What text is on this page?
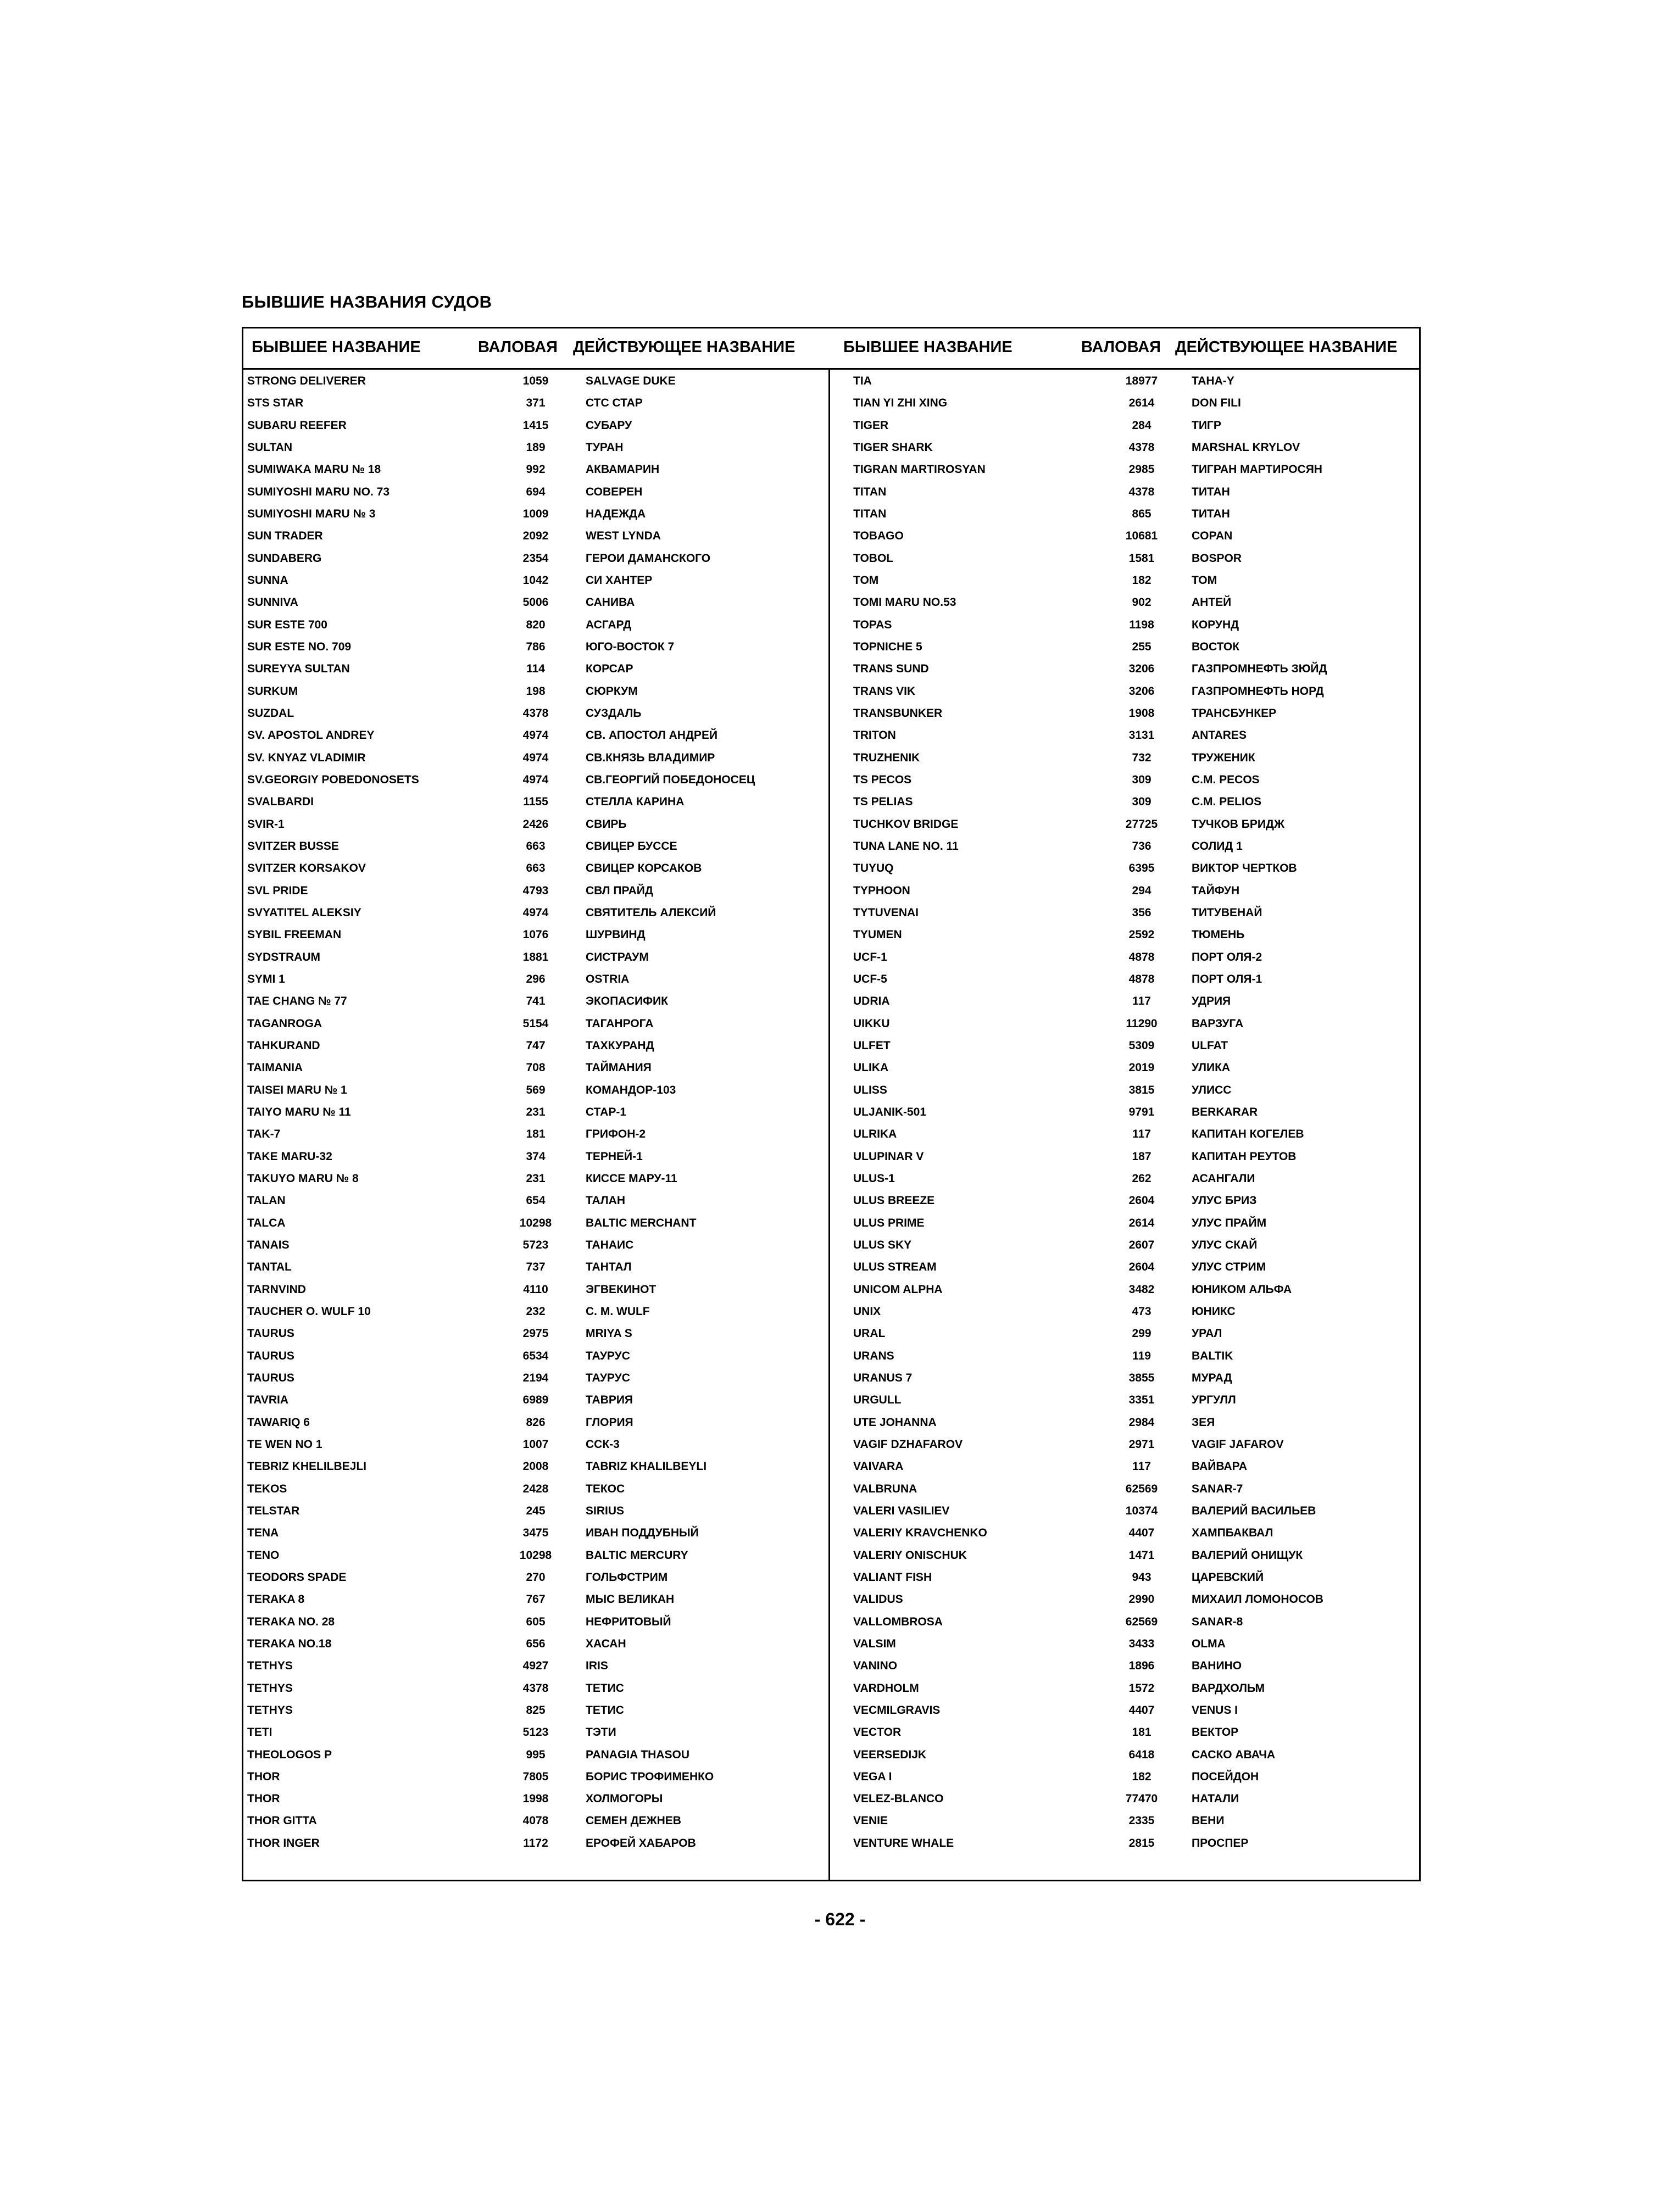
БЫВШИЕ НАЗВАНИЯ СУДОВ
БЫВШЕЕ НАЗВАНИЕ	ВАЛОВАЯ ДЕЙСТВУЮЩЕЕ НАЗВАНИЕ	БЫВШЕЕ НАЗВАНИЕ	ВАЛОВАЯ ДЕЙСТВУЮЩЕЕ НАЗВАНИЕ
STRONG DELIVERER	1059	SALVAGE DUKE
STS STAR	371	СТС СТАР
SUBARU REEFER	1415	СУБАРУ
SULTAN	189	ТУРАН
SUMIWAKA MARU № 18	992	АКВАМАРИН
SUMIYOSHI MARU NO. 73	694	СОВЕРЕН
SUMIYOSHI MARU № 3	1009	НАДЕЖДА
SUN TRADER	2092	WEST LYNDA
SUNDABERG	2354	ГЕРОИ ДАМАНСКОГО
SUNNA	1042	СИ ХАНТЕР
SUNNIVA	5006	САНИВА
SUR ESTE 700	820	АСГАРД
SUR ESTE NO. 709	786	ЮГО-ВОСТОК 7
SUREYYA SULTAN	114	КОРСАР
SURKUM	198	СЮРКУМ
SUZDAL	4378	СУЗДАЛЬ
SV. APOSTOL ANDREY	4974	СВ. АПОСТОЛ АНДРЕЙ
SV. KNYAZ VLADIMIR	4974	СВ.КНЯЗЬ ВЛАДИМИР
SV.GEORGIY POBEDONOSETS	4974	СВ.ГЕОРГИЙ ПОБЕДОНОСЕЦ
SVALBARDI	1155	СТЕЛЛА КАРИНА
SVIR-1	2426	СВИРЬ
SVITZER BUSSE	663	СВИЦЕР БУССЕ
SVITZER KORSAKOV	663	СВИЦЕР КОРСАКОВ
SVL PRIDE	4793	СВЛ ПРАЙД
SVYATITEL ALEKSIY	4974	СВЯТИТЕЛЬ АЛЕКСИЙ
SYBIL FREEMAN	1076	ШУРВИНД
SYDSTRAUM	1881	СИСТРАУМ
SYMI 1	296	OSTRIA
TAE CHANG № 77	741	ЭКОПАСИФИК
TAGANROGA	5154	ТАГАНРОГА
TAHKURAND	747	ТАХКУРАНД
TAIMANIA	708	ТАЙМАНИЯ
TAISEI MARU № 1	569	КОМАНДОР-103
TAIYO MARU № 11	231	СТАР-1
TAK-7	181	ГРИФОН-2
TAKE MARU-32	374	ТЕРНЕЙ-1
TAKUYO MARU № 8	231	КИССЕ МАРУ-11
TALAN	654	ТАЛАН
TALCA	10298	BALTIC MERCHANT
TANAIS	5723	ТАНАИС
TANTAL	737	ТАНТАЛ
TARNVIND	4110	ЭГВЕКИНОТ
TAUCHER O. WULF 10	232	С. M. WULF
TAURUS	2975	MRIYA S
TAURUS	6534	ТАУРУС
TAURUS	2194	ТАУРУС
TAVRIA	6989	ТАВРИЯ
TAWARIQ 6	826	ГЛОРИЯ
TE WEN NO 1	1007	ССК-3
TEBRIZ KHELILBEJLI	2008	TABRIZ KHALILBEYLI
TEKOS	2428	ТЕКОС
TELSTAR	245	SIRIUS
TENA	3475	ИВАН ПОДДУБНЫЙ
TENO	10298	BALTIC MERCURY
TEODORS SPADE	270	ГОЛЬФСТРИМ
TERAKA 8	767	МЫС ВЕЛИКАН
TERAKA NO. 28	605	НЕФРИТОВЫЙ
TERAKA NO.18	656	ХАСАН
TETHYS	4927	IRIS
TETHYS	4378	ТЕТИС
TETHYS	825	ТЕТИС
TETI	5123	ТЭТИ
THEOLOGOS P	995	PANAGIA THASOU
THOR	7805	БОРИС ТРОФИМЕНКО
THOR	1998	ХОЛМОГОРЫ
THOR GITTA	4078	СЕМЕН ДЕЖНЕВ
THOR INGER	1172	ЕРОФЕЙ ХАБАРОВ
TIA	18977	TAHA-Y
TIAN YI ZHI XING	2614	DON FILI
TIGER	284	ТИГР
TIGER SHARK	4378	MARSHAL KRYLOV
TIGRAN MARTIROSYAN	2985	ТИГРАН МАРТИРОСЯН
TITAN	4378	ТИТАН
TITAN	865	ТИТАН
TOBAGO	10681	COPAN
TOBOL	1581	BOSPOR
TOM	182	ТОМ
TOMI MARU NO.53	902	АНТЕЙ
TOPAS	1198	КОРУНД
TOPNICHE 5	255	ВОСТОК
TRANS SUND	3206	ГАЗПРОМНЕФТЬ ЗЮЙД
TRANS VIK	3206	ГАЗПРОМНЕФТЬ НОРД
TRANSBUNKER	1908	ТРАНСБУНКЕР
TRITON	3131	ANTARES
TRUZHENIK	732	ТРУЖЕНИК
TS PECOS	309	С.M. PECOS
TS PELIAS	309	С.M. PELIOS
TUCHKOV BRIDGE	27725	ТУЧКОВ БРИДЖ
TUNA LANE NO. 11	736	СОЛИД 1
TUYUQ	6395	ВИКТОР ЧЕРТКОВ
TYPHOON	294	ТАЙФУН
TYTUVENAI	356	ТИТУВЕНАЙ
TYUMEN	2592	ТЮМЕНЬ
UCF-1	4878	ПОРТ ОЛЯ-2
UCF-5	4878	ПОРТ ОЛЯ-1
UDRIA	117	УДРИЯ
UIKKU	11290	ВАРЗУГА
ULFET	5309	ULFAT
ULIKA	2019	УЛИКА
ULISS	3815	УЛИСС
ULJANIK-501	9791	BERKARAR
ULRIKA	117	КАПИТАН КОГЕЛЕВ
ULUPINAR V	187	КАПИТАН РЕУТОВ
ULUS-1	262	АСАНГАЛИ
ULUS BREEZE	2604	УЛУС БРИЗ
ULUS PRIME	2614	УЛУС ПРАЙМ
ULUS SKY	2607	УЛУС СКАЙ
ULUS STREAM	2604	УЛУС СТРИМ
UNICOM ALPHA	3482	ЮНИКОМ АЛЬФА
UNIX	473	ЮНИКС
URAL	299	УРАЛ
URANS	119	BALTIK
URANUS 7	3855	МУРАД
URGULL	3351	УРГУЛЛ
UTE JOHANNA	2984	ЗЕЯ
VAGIF DZHAFAROV	2971	VAGIF JAFAROV
VAIVARA	117	ВАЙВАРА
VALBRUNA	62569	SANAR-7
VALERI VASILIEV	10374	ВАЛЕРИЙ ВАСИЛЬЕВ
VALERIY KRAVCHENKO	4407	ХАМПБАКВАЛ
VALERIY ONISCHUK	1471	ВАЛЕРИЙ ОНИЩУК
VALIANT FISH	943	ЦАРЕВСКИЙ
VALIDUS	2990	МИХАИЛ ЛОМОНОСОВ
VALLOMBROSA	62569	SANAR-8
VALSIM	3433	OLMA
VANINO	1896	ВАНИНО
VARDHOLM	1572	ВАРДХОЛЬМ
VECMILGRAVIS	4407	VENUS I
VECTOR	181	ВЕКТОР
VEERSEDIJK	6418	САСКО АВАЧА
VEGA I	182	ПОСЕЙДОН
VELEZ-BLANCO	77470	НАТАЛИ
VENIE	2335	ВЕНИ
VENTURE WHALE	2815	ПРОСПЕР
- 622 -
